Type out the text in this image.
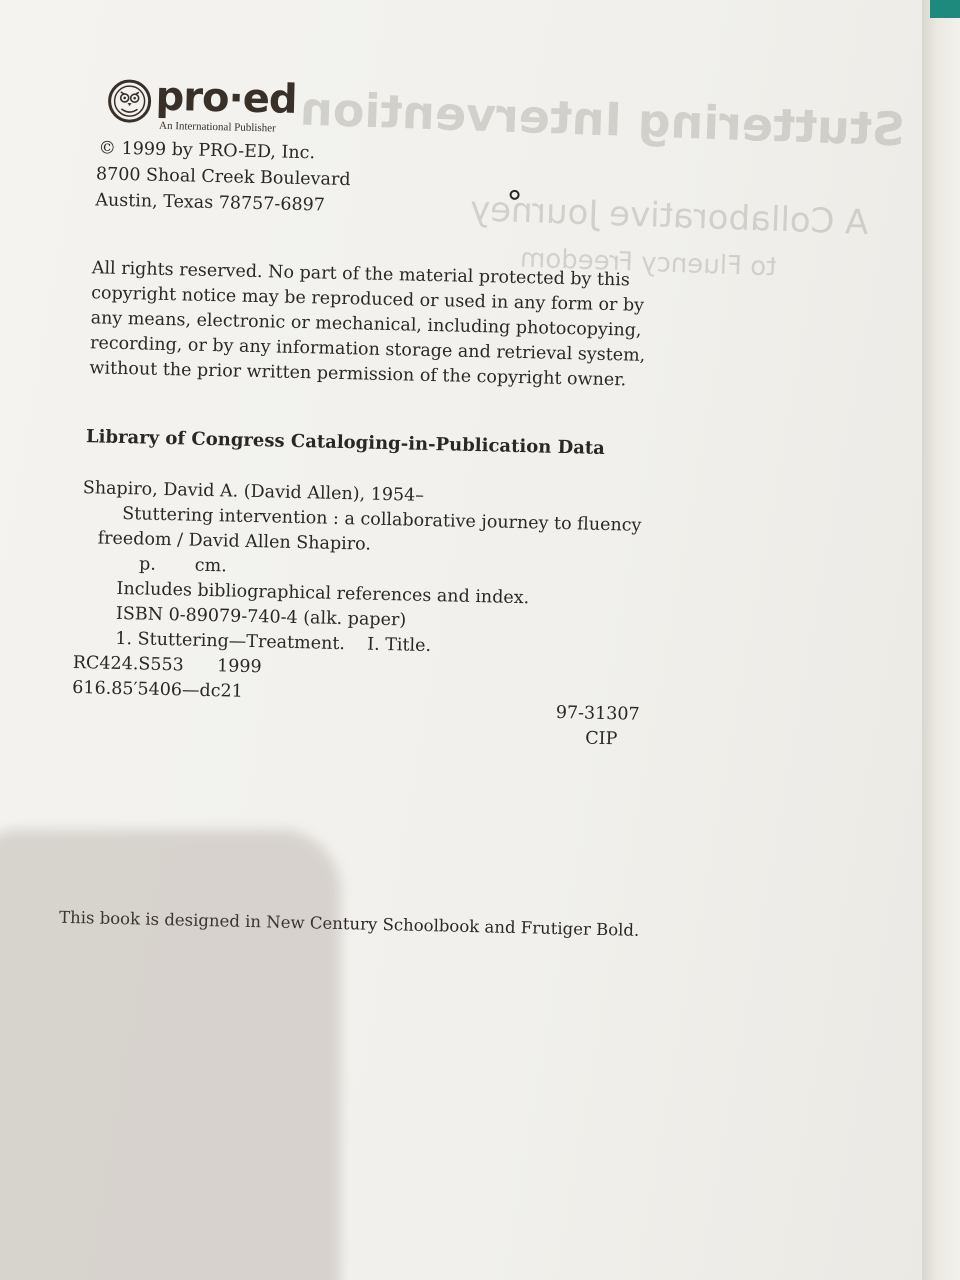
Stuttering Intervention
A Collaborative Journey
to Fluency Freedom
pro·ed
An International Publisher
© 1999 by PRO-ED, Inc.
8700 Shoal Creek Boulevard
Austin, Texas 78757-6897
All rights reserved. No part of the material protected by this
copyright notice may be reproduced or used in any form or by
any means, electronic or mechanical, including photocopying,
recording, or by any information storage and retrieval system,
without the prior written permission of the copyright owner.
Library of Congress Cataloging-in-Publication Data
Shapiro, David A. (David Allen), 1954–
Stuttering intervention : a collaborative journey to fluency
freedom / David Allen Shapiro.
p.       cm.
Includes bibliographical references and index.
ISBN 0-89079-740-4 (alk. paper)
1. Stuttering—Treatment.    I. Title.
RC424.S553      1999
616.85′5406—dc21
97-31307
CIP
This book is designed in New Century Schoolbook and Frutiger Bold.
